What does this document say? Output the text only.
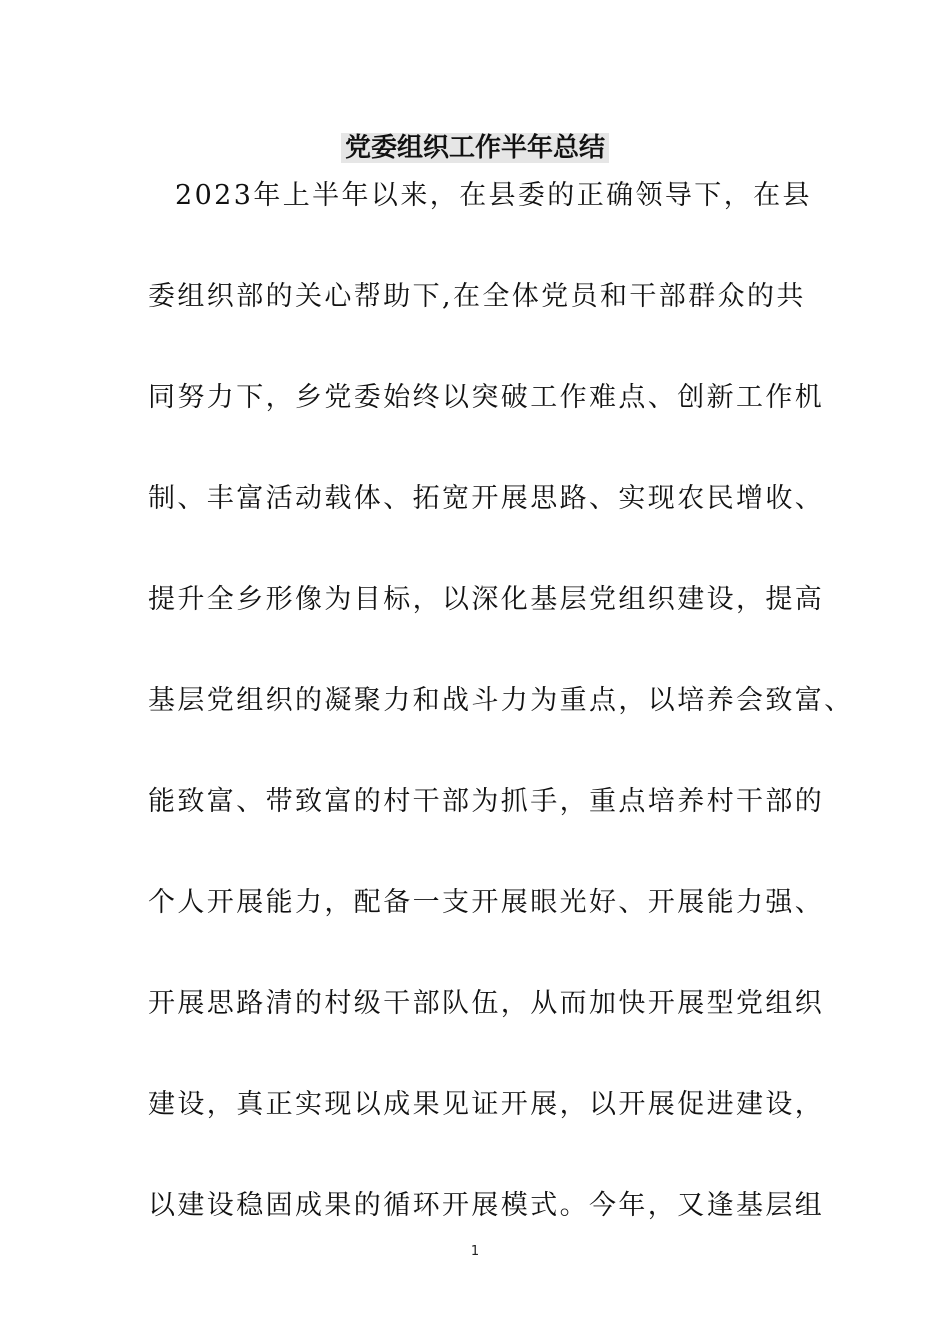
党委组织工作半年总结
2023年上半年以来，在县委的正确领导下，在县
委组织部的关心帮助下,在全体党员和干部群众的共
同努力下，乡党委始终以突破工作难点、创新工作机
制、丰富活动载体、拓宽开展思路、实现农民增收、
提升全乡形像为目标，以深化基层党组织建设，提高
基层党组织的凝聚力和战斗力为重点，以培养会致富、
能致富、带致富的村干部为抓手，重点培养村干部的
个人开展能力，配备一支开展眼光好、开展能力强、
开展思路清的村级干部队伍，从而加快开展型党组织
建设，真正实现以成果见证开展，以开展促进建设，
以建设稳固成果的循环开展模式。今年，又逢基层组
1
